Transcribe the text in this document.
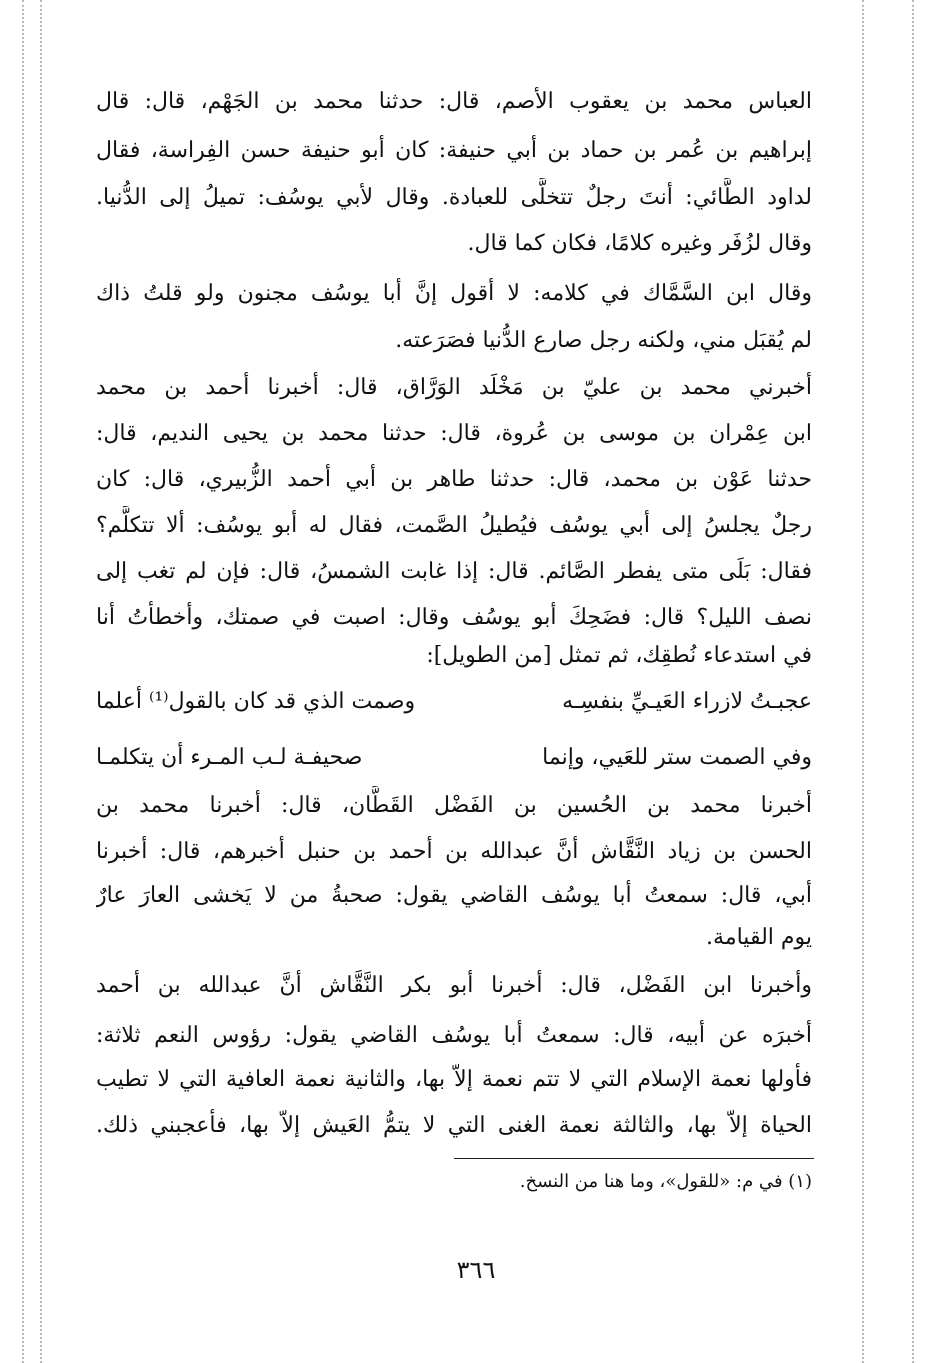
العباس محمد بن يعقوب الأصم، قال: حدثنا محمد بن الجَهْم، قال: قال
إبراهيم بن عُمر بن حماد بن أبي حنيفة: كان أبو حنيفة حسن الفِراسة، فقال
لداود الطَّائي: أنتَ رجلٌ تتخلَّى للعبادة. وقال لأبي يوسُف: تميلُ إلى الدُّنيا.
وقال لزُفَر وغيره كلامًا، فكان كما قال.
وقال ابن السَّمَّاك في كلامه: لا أقول إنَّ أبا يوسُف مجنون ولو قلتُ ذاك
لم يُقبَل مني، ولكنه رجل صارع الدُّنيا فصَرَعته.
أخبرني محمد بن عليّ بن مَخْلَد الوَرَّاق، قال: أخبرنا أحمد بن محمد
ابن عِمْران بن موسى بن عُروة، قال: حدثنا محمد بن يحيى النديم، قال:
حدثنا عَوْن بن محمد، قال: حدثنا طاهر بن أبي أحمد الزُّبيري، قال: كان
رجلٌ يجلسُ إلى أبي يوسُف فيُطيلُ الصَّمت، فقال له أبو يوسُف: ألا تتكلَّم؟
فقال: بَلَى متى يفطر الصَّائم. قال: إذا غابت الشمسُ، قال: فإن لم تغب إلى
نصف الليل؟ قال: فضَحِكَ أبو يوسُف وقال: اصبت في صمتك، وأخطأتُ أنا
في استدعاء نُطقِك، ثم تمثل [من الطويل]:
عجبـتُ لازراء العَيـيِّ بنفسِـه
وصمت الذي قد كان بالقول⁽¹⁾ أعلما
وفي الصمت ستر للعَيي، وإنما
صحيفـة لـب المـرء أن يتكلمـا
أخبرنا محمد بن الحُسين بن الفَضْل القَطَّان، قال: أخبرنا محمد بن
الحسن بن زياد النَّقَّاش أنَّ عبدالله بن أحمد بن حنبل أخبرهم، قال: أخبرنا
أبي، قال: سمعتُ أبا يوسُف القاضي يقول: صحبةُ من لا يَخشى العارَ عارٌ
يوم القيامة.
وأخبرنا ابن الفَضْل، قال: أخبرنا أبو بكر النَّقَّاش أنَّ عبدالله بن أحمد
أخبرَه عن أبيه، قال: سمعتُ أبا يوسُف القاضي يقول: رؤوس النعم ثلاثة:
فأولها نعمة الإسلام التي لا تتم نعمة إلاّ بها، والثانية نعمة العافية التي لا تطيب
الحياة إلاّ بها، والثالثة نعمة الغنى التي لا يتمُّ العَيش إلاّ بها، فأعجبني ذلك.
(١) في م: «للقول»، وما هنا من النسخ.
٣٦٦
